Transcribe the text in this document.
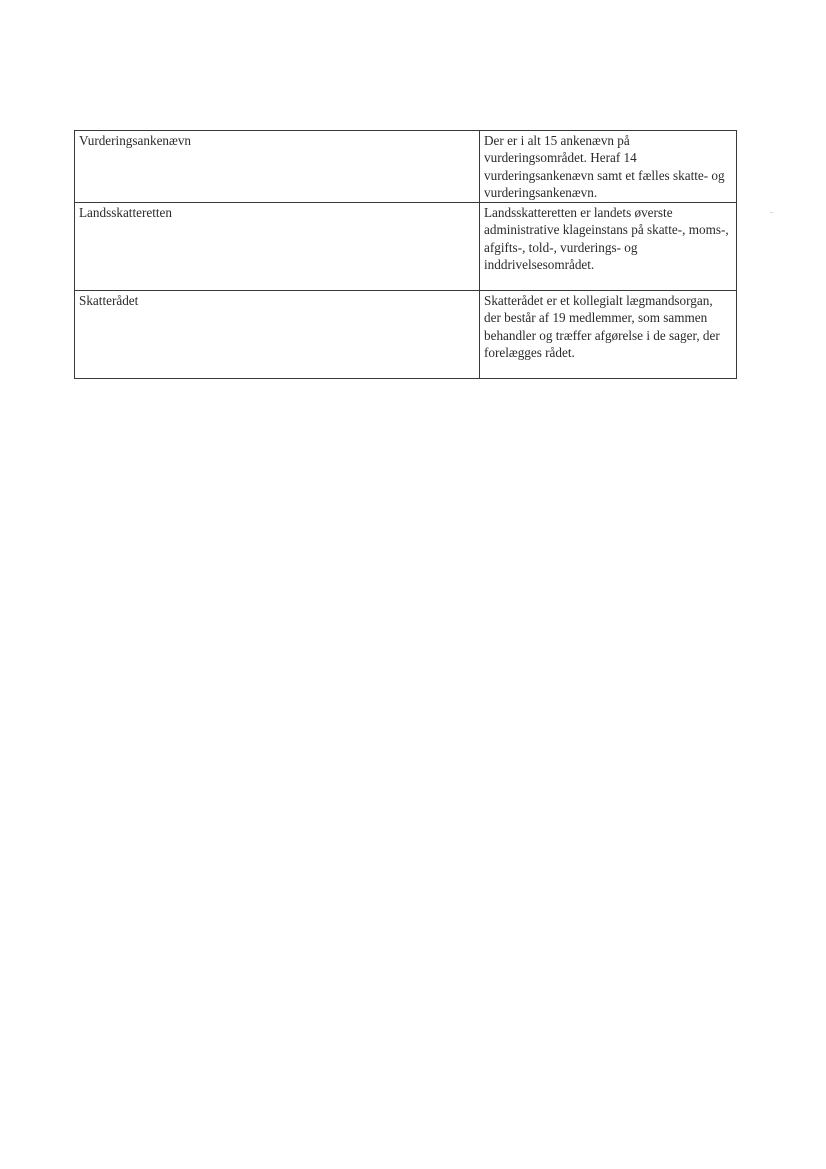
Vurderingsankenævn	Der er i alt 15 ankenævn på vurderingsområdet. Heraf 14 vurderingsankenævn samt et fælles skatte- og vurderingsankenævn.

Landsskatteretten	Landsskatteretten er landets øverste administrative klageinstans på skatte-, moms-, afgifts-, told-, vurderings- og inddrivelsesområdet.

Skatterådet	Skatterådet er et kollegialt lægmandsorgan, der består af 19 medlemmer, som sammen behandler og træffer afgørelse i de sager, der forelægges rådet.
